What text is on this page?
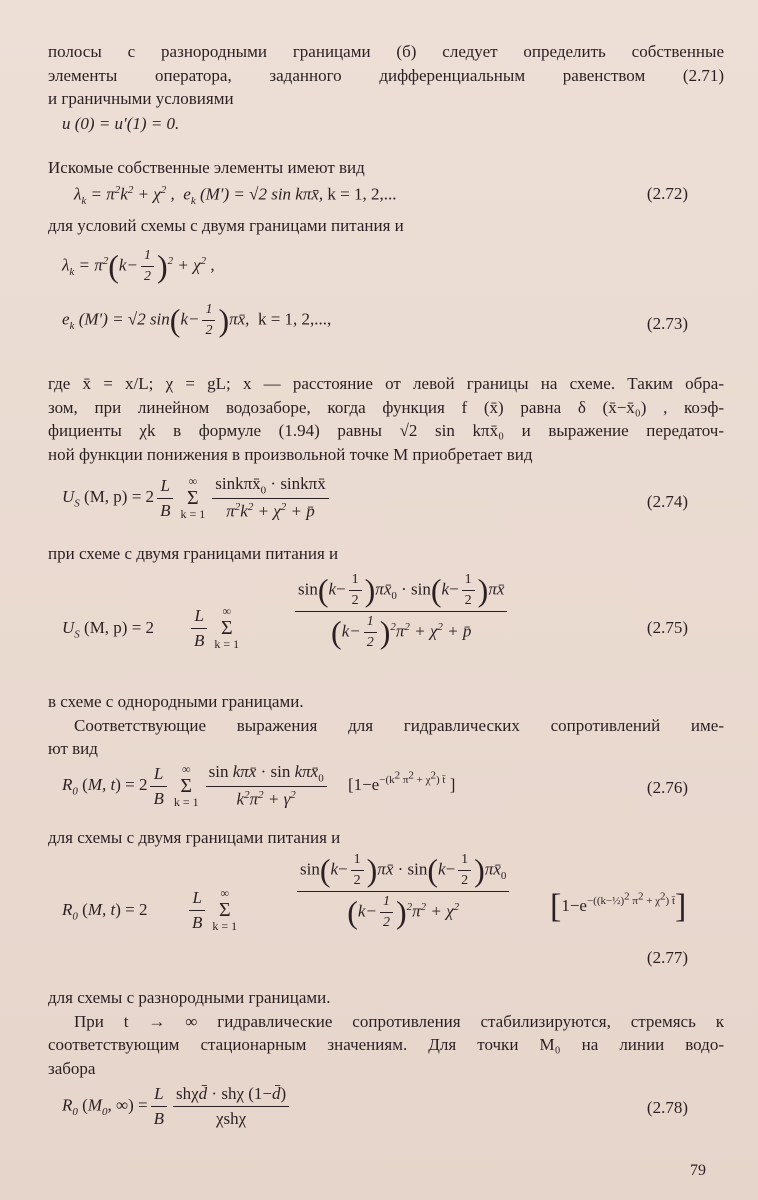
полосы с разнородными границами (б) следует определить собственные
элементы оператора, заданного дифференциальным равенством (2.71)
и граничными условиями
u (0) = u′(1) = 0.
Искомые собственные элементы имеют вид
$\lambda_k = \pi^2k^2 + \chi^2$ ,  $e_k$ (M′) = √2 sin kπx̄, k = 1, 2,...	(2.72)
для условий схемы с двумя границами питания и
$\lambda_k = \pi^2(k- \frac{1}{2} )^2 + \chi^2$ ,
$e_k$ (M′) = √2 $\sin(k- \frac{1}{2}$ )πx̄,  k = 1, 2,...,	(2.73)
где x̄ = x/L; χ = gL; x — расстояние от левой границы на схеме. Таким обра-
зом, при линейном водозаборе, когда функция f (x̄) равна δ (x̄−x̄₀) , коэф-
фициенты χk в формуле (1.94) равны √2 sin kπx̄₀ и выражение передаточ-
ной функции понижения в произвольной точке M приобретает вид
$U_S$ (M, $p) = 2 \frac{L}{B}$	∞
Σ
$k = 1 \frac{\sin k\pi x̄_0 \cdot \sin k\pi x̄}{\pi^2k^2 + \chi^2 + p̄}$	(2.74)
при схеме с двумя границами питания и
$U_S$ (M, $p) = 2 \frac{L}{B}$	∞
Σ
k = 1	$\frac{\sin(k- \frac{1}{2} )\pi x̄_0 \cdot \sin(k- \frac{1}{2} )\pi x̄}{(k- \frac{1}{2} )^2\pi^2 + \chi^2 + p̄}$	(2.75)
в схеме с однородными границами.
Соответствующие выражения для гидравлических сопротивлений име-
ют вид
$R_0$ (M, $t) = 2 \frac{L}{B}$	∞
Σ
$k = 1 \frac{\sin k\pi x̄ \cdot \sin k\pi x̄_0}{k^2\pi^2 + \gamma^2} [1-e^{-(k^2 \pi^2 + \chi^2) t̄}$ ]	(2.76)
для схемы с двумя границами питания и
$R_0$ (M, $t) = 2 \frac{L}{B}$	∞
Σ
k = 1	$\frac{\sin(k- \frac{1}{2} )\pi x̄ \cdot \sin(k- \frac{1}{2} )\pi x̄_0}{(k- \frac{1}{2} )^2\pi^2 + \chi^2} [1-e^{-((k-\frac{1}{2})^2 \pi^2 + \chi^2) t̄}]$
(2.77)
для схемы с разнородными границами.
При t → ∞ гидравлические сопротивления стабилизируются, стремясь к
соответствующим стационарным значениям. Для точки M₀ на линии водо-
забора
$R_0$ ($M_0$, ∞) = $\frac{L}{B} \frac{\text{shχd̄ · shχ (1−d̄)}}{\text{χshχ}}$	(2.78)
79
